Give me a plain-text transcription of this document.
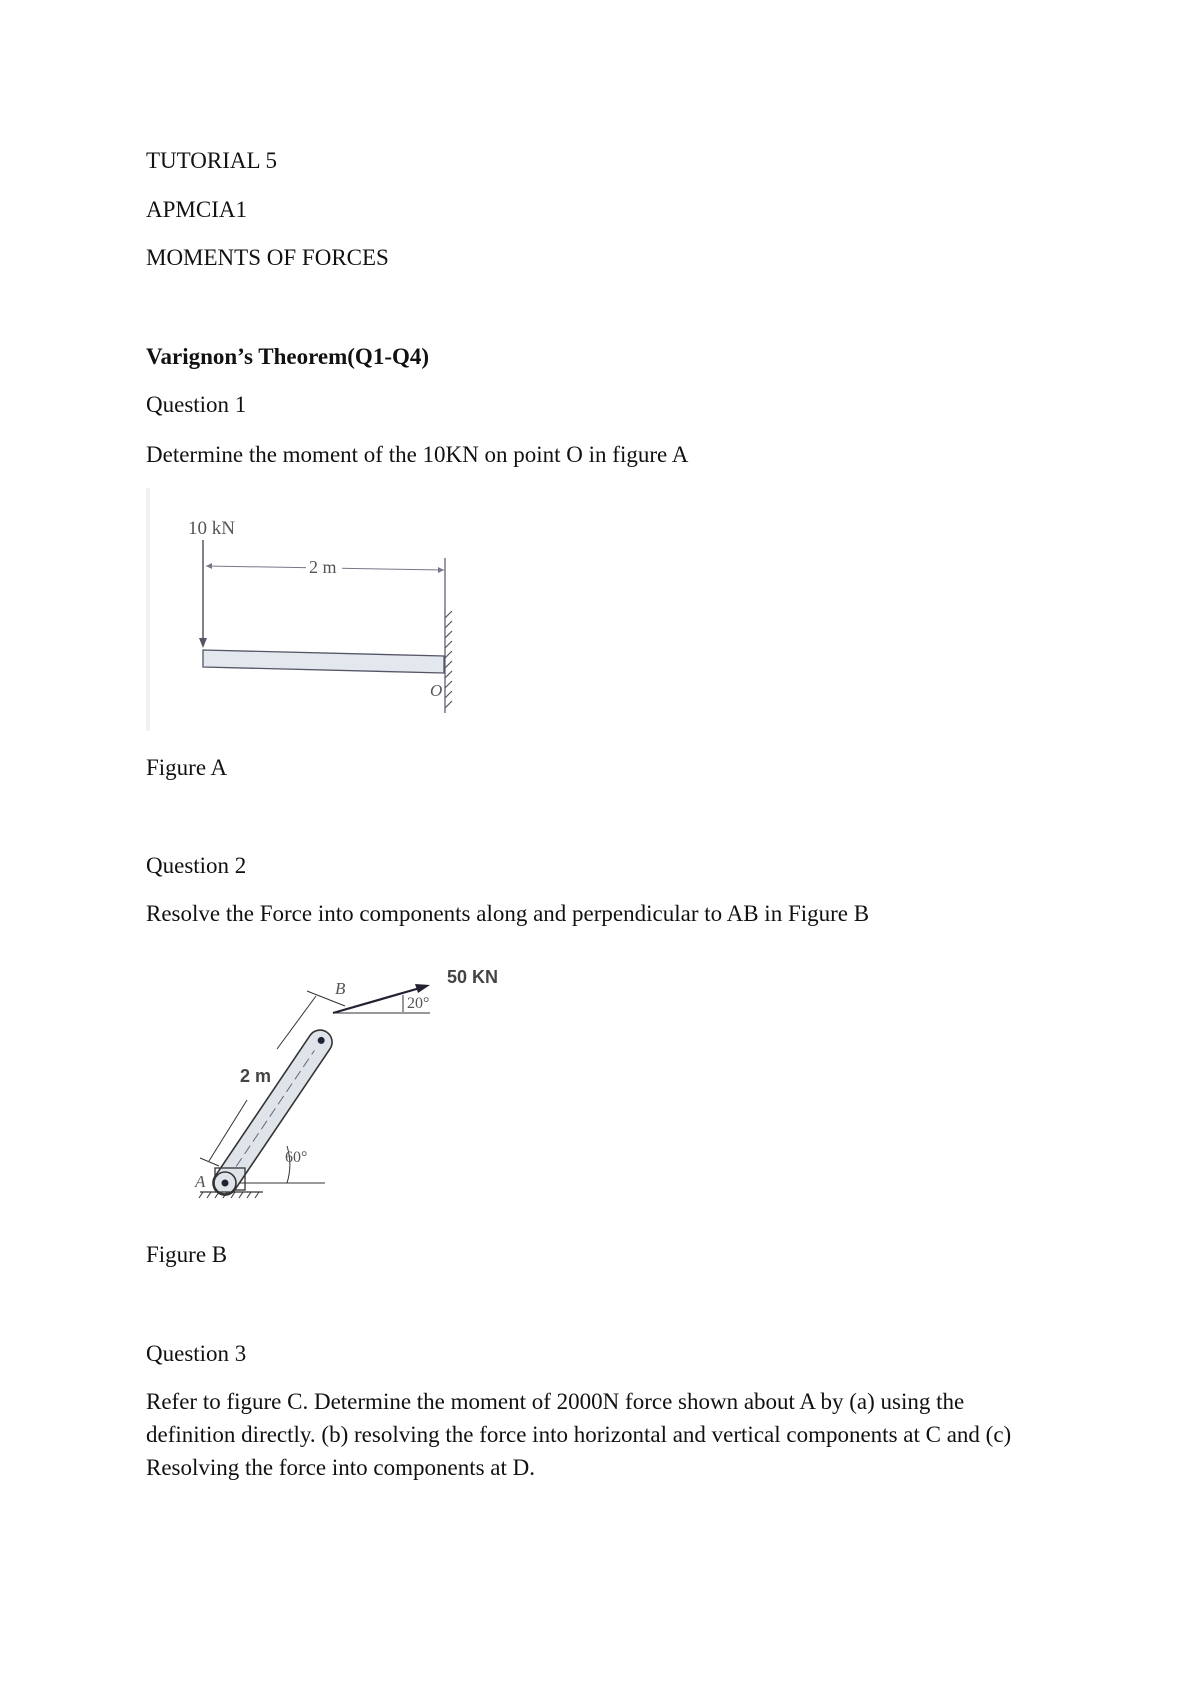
TUTORIAL 5
APMCIA1
MOMENTS OF FORCES
Varignon’s Theorem(Q1-Q4)
Question 1
Determine the moment of the 10KN on point O in figure A
10 kN
2 m
O
Figure A
Question 2
Resolve the Force into components along and perpendicular to AB in Figure B
A
B
60°
2 m
20°
50 KN
Figure B
Question 3
Refer to figure C. Determine the moment of 2000N force shown about A by (a) using the definition directly. (b) resolving the force into horizontal and vertical components at C and (c) Resolving the force into components at D.
